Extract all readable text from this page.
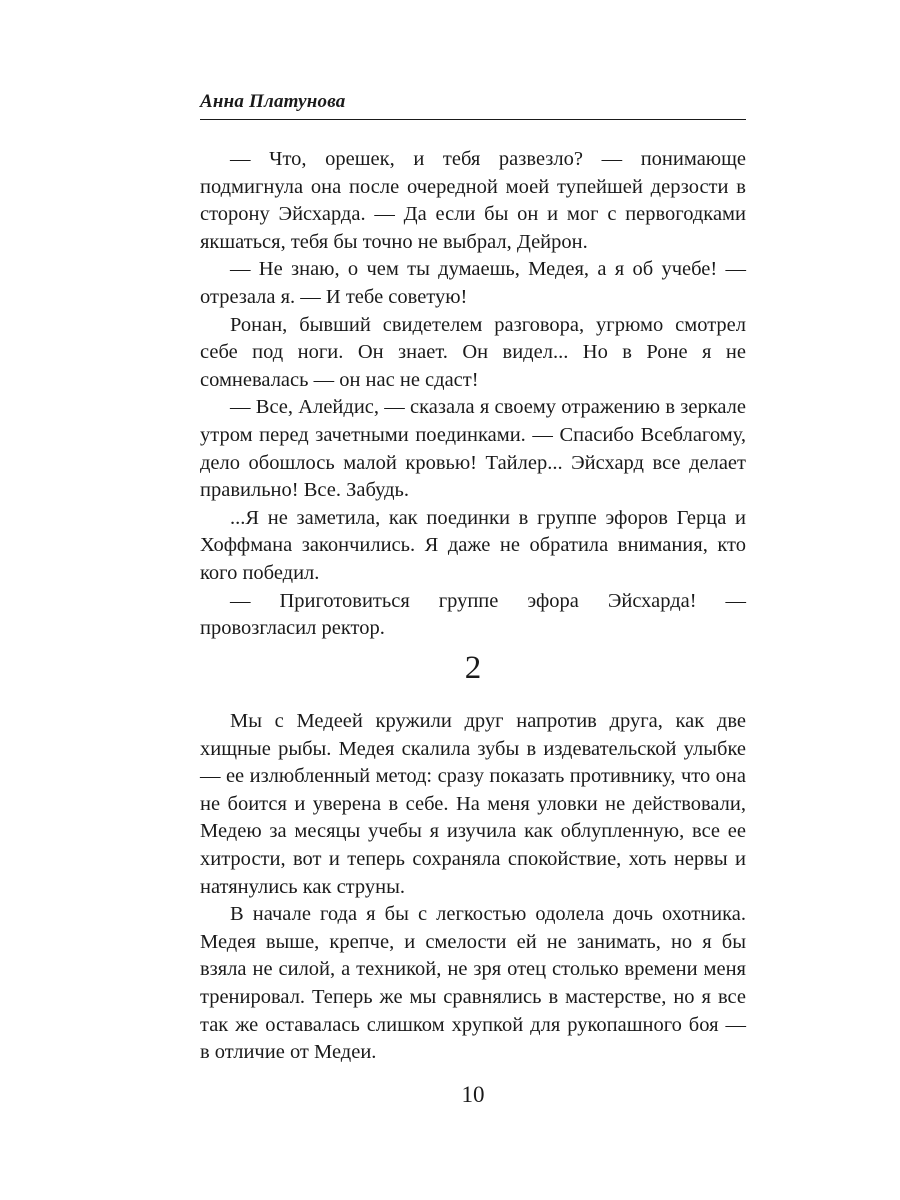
Анна Платунова

— Что, орешек, и тебя развезло? — понимающе подмигнула она после очередной моей тупейшей дерзости в сторону Эйсхарда. — Да если бы он и мог с первогодками якшаться, тебя бы точно не выбрал, Дейрон.

— Не знаю, о чем ты думаешь, Медея, а я об учебе! — отрезала я. — И тебе советую!

Ронан, бывший свидетелем разговора, угрюмо смотрел себе под ноги. Он знает. Он видел... Но в Роне я не сомневалась — он нас не сдаст!

— Все, Алейдис, — сказала я своему отражению в зеркале утром перед зачетными поединками. — Спасибо Всеблагому, дело обошлось малой кровью! Тайлер... Эйсхард все делает правильно! Все. Забудь.

...Я не заметила, как поединки в группе эфоров Герца и Хоффмана закончились. Я даже не обратила внимания, кто кого победил.

— Приготовиться группе эфора Эйсхарда! — провозгласил ректор.

2

Мы с Медеей кружили друг напротив друга, как две хищные рыбы. Медея скалила зубы в издевательской улыбке — ее излюбленный метод: сразу показать противнику, что она не боится и уверена в себе. На меня уловки не действовали, Медею за месяцы учебы я изучила как облупленную, все ее хитрости, вот и теперь сохраняла спокойствие, хоть нервы и натянулись как струны.

В начале года я бы с легкостью одолела дочь охотника. Медея выше, крепче, и смелости ей не занимать, но я бы взяла не силой, а техникой, не зря отец столько времени меня тренировал. Теперь же мы сравнялись в мастерстве, но я все так же оставалась слишком хрупкой для рукопашного боя — в отличие от Медеи.

10
